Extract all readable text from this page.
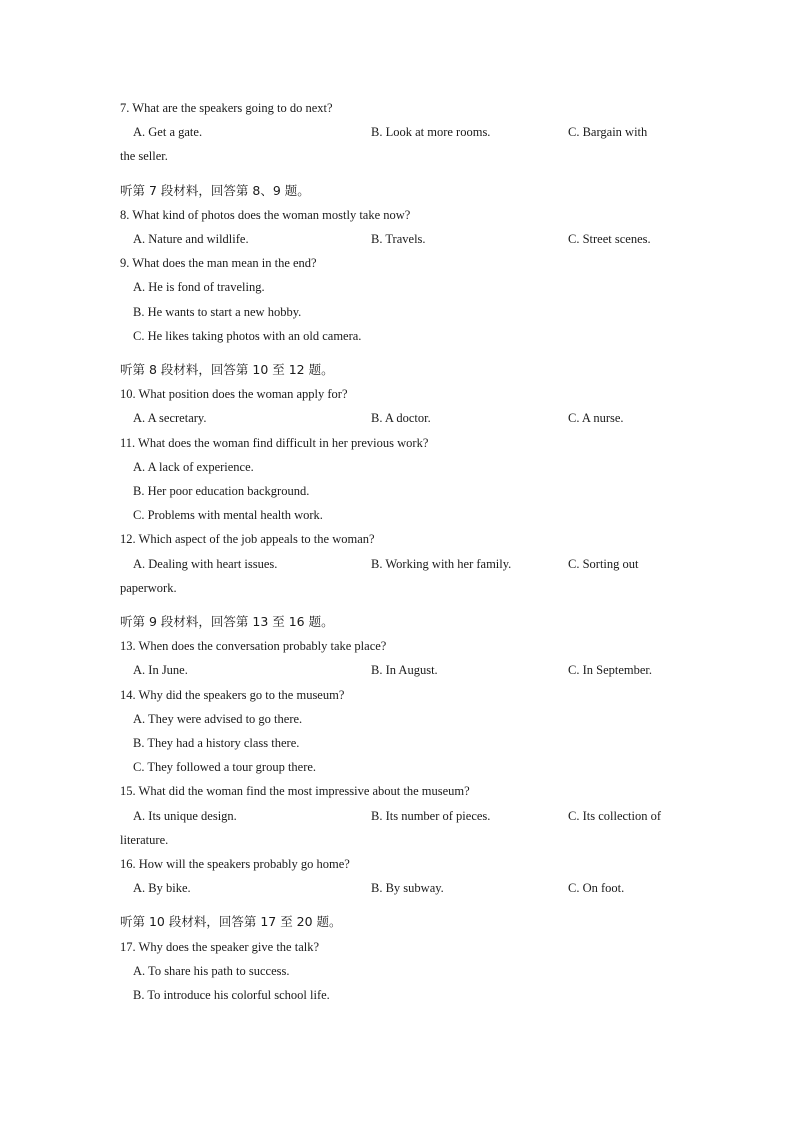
7. What are the speakers going to do next?
A. Get a gate.	B. Look at more rooms.	C. Bargain with
the seller.
听第 7 段材料，回答第 8、9 题。
8. What kind of photos does the woman mostly take now?
A. Nature and wildlife.	B. Travels.	C. Street scenes.
9. What does the man mean in the end?
A. He is fond of traveling.
B. He wants to start a new hobby.
C. He likes taking photos with an old camera.
听第 8 段材料，回答第 10 至 12 题。
10. What position does the woman apply for?
A. A secretary.	B. A doctor.	C. A nurse.
11. What does the woman find difficult in her previous work?
A. A lack of experience.
B. Her poor education background.
C. Problems with mental health work.
12. Which aspect of the job appeals to the woman?
A. Dealing with heart issues.	B. Working with her family.	C. Sorting out
paperwork.
听第 9 段材料，回答第 13 至 16 题。
13. When does the conversation probably take place?
A. In June.	B. In August.	C. In September.
14. Why did the speakers go to the museum?
A. They were advised to go there.
B. They had a history class there.
C. They followed a tour group there.
15. What did the woman find the most impressive about the museum?
A. Its unique design.	B. Its number of pieces.	C. Its collection of
literature.
16. How will the speakers probably go home?
A. By bike.	B. By subway.	C. On foot.
听第 10 段材料，回答第 17 至 20 题。
17. Why does the speaker give the talk?
A. To share his path to success.
B. To introduce his colorful school life.
